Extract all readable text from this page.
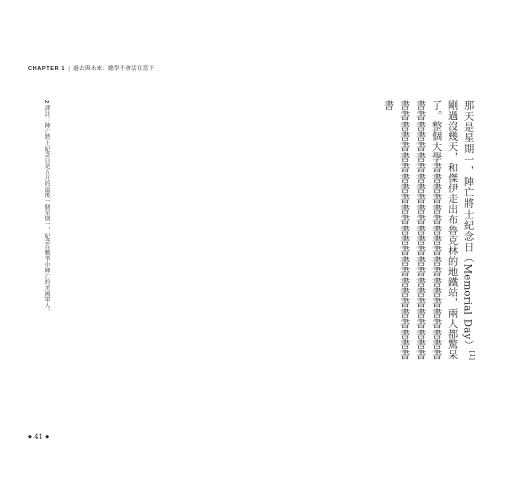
CHAPTER 1 | 過去與未來：總學不會活在當下

那天是星期一，陣亡將士紀念日（Memorial Day）[1]剛過沒幾天，和傑伊走出布魯克林的地鐵站，兩人都驚呆了。整個大學書書書書書書書書書書書書書書書書書書書書書書書書書書書書書書書書書書書書書書書書書書書書書書書書書書書書書書書書書書書書書書書書書書書書書書

2 譯註：陣亡將士紀念日是五月的最後一個星期一，紀念在戰爭中陣亡的美國軍人。
◆ 41 ◆
